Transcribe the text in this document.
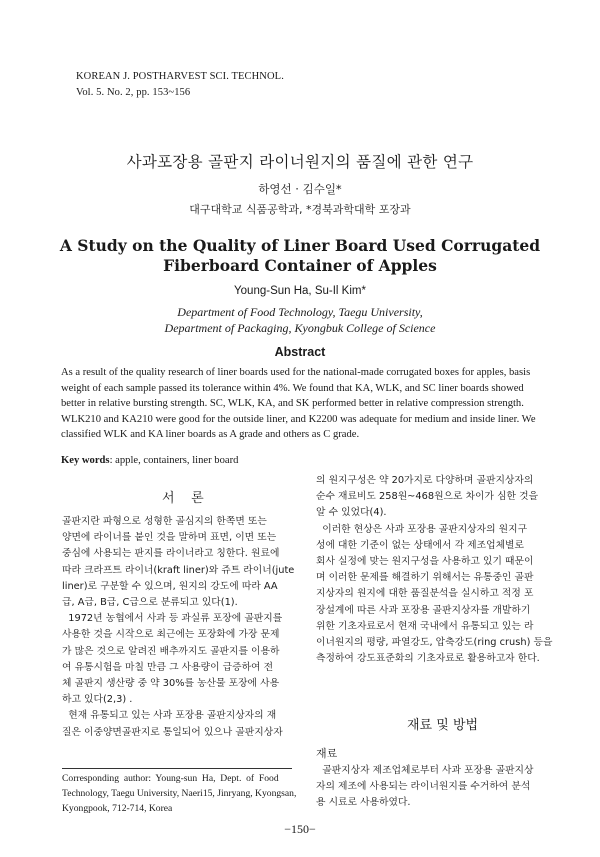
KOREAN J. POSTHARVEST SCI. TECHNOL.
Vol. 5. No. 2, pp. 153~156
사과포장용 골판지 라이너원지의 품질에 관한 연구
하영선 · 김수일*
대구대학교 식품공학과, *경북과학대학 포장과
A Study on the Quality of Liner Board Used Corrugated
Fiberboard Container of Apples
Young-Sun Ha, Su-Il Kim*
Department of Food Technology, Taegu University,
Department of Packaging, Kyongbuk College of Science
Abstract
As a result of the quality research of liner boards used for the national-made corrugated boxes for apples, basis
weight of each sample passed its tolerance within 4%. We found that KA, WLK, and SC liner boards showed
better in relative bursting strength. SC, WLK, KA, and SK performed better in relative compression strength.
WLK210 and KA210 were good for the outside liner, and K2200 was adequate for medium and inside liner. We
classified WLK and KA liner boards as A grade and others as C grade.
Key words: apple, containers, liner board
서    론
골판지란 파형으로 성형한 골심지의 한쪽면 또는
양면에 라이너를 붙인 것을 말하며 표면, 이면 또는
중심에 사용되는 판지를 라이너라고 칭한다. 원료에
따라 크라프트 라이너(kraft liner)와 쥬트 라이너(jute
liner)로 구분할 수 있으며, 원지의 강도에 따라 AA
급, A급, B급, C급으로 분류되고 있다(1).
1972년 농협에서 사과 등 과실류 포장에 골판지를
사용한 것을 시작으로 최근에는 포장화에 가장 문제
가 많은 것으로 알려진 배추까지도 골판지를 이용하
여 유통시험을 마칠 만큼 그 사용량이 급증하여 전
체 골판지 생산량 중 약 30%를 농산물 포장에 사용
하고 있다(2,3) .
현재 유통되고 있는 사과 포장용 골판지상자의 재
질은 이중양면골판지로 통일되어 있으나 골판지상자
Corresponding  author:  Young-sun  Ha,  Dept.  of  Food
Technology, Taegu University, Naeri15, Jinryang, Kyongsan,
Kyongpook, 712-714, Korea
의 원지구성은 약 20가지로 다양하며 골판지상자의
순수 재료비도 258원~468원으로 차이가 심한 것을
알 수 있었다(4).
이러한 현상은 사과 포장용 골판지상자의 원지구
성에 대한 기준이 없는 상태에서 각 제조업체별로
회사 실정에 맞는 원지구성을 사용하고 있기 때문이
며 이러한 문제를 해결하기 위해서는 유통중인 골판
지상자의 원지에 대한 품질분석을 실시하고 적정 포
장설계에 따른 사과 포장용 골판지상자를 개발하기
위한 기초자료로서 현재 국내에서 유통되고 있는 라
이너원지의 평량, 파열강도, 압축강도(ring crush) 등을
측정하여 강도표준화의 기초자료로 활용하고자 한다.
재료 및 방법
재료
골판지상자 제조업체로부터 사과 포장용 골판지상
자의 제조에 사용되는 라이너원지를 수거하여 분석
용 시료로 사용하였다.
−150−
